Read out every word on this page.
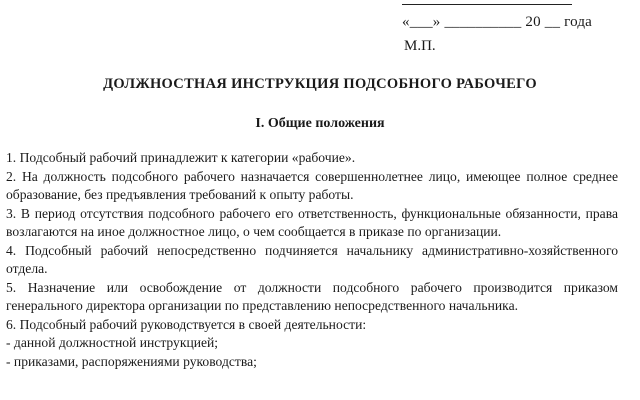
«___» __________ 20 __ года
М.П.
ДОЛЖНОСТНАЯ ИНСТРУКЦИЯ ПОДСОБНОГО РАБОЧЕГО
I. Общие положения

1. Подсобный рабочий принадлежит к категории «рабочие».

2. На должность подсобного рабочего назначается совершеннолетнее лицо, имеющее полное среднее образование, без предъявления требований к опыту работы.

3. В период отсутствия подсобного рабочего его ответственность, функциональные обязанности, права возлагаются на иное должностное лицо, о чем сообщается в приказе по организации.

4. Подсобный рабочий непосредственно подчиняется начальнику административно-хозяйственного отдела.

5. Назначение или освобождение от должности подсобного рабочего производится приказом генерального директора организации по представлению непосредственного начальника.

6. Подсобный рабочий руководствуется в своей деятельности:

- данной должностной инструкцией;

- приказами, распоряжениями руководства;
